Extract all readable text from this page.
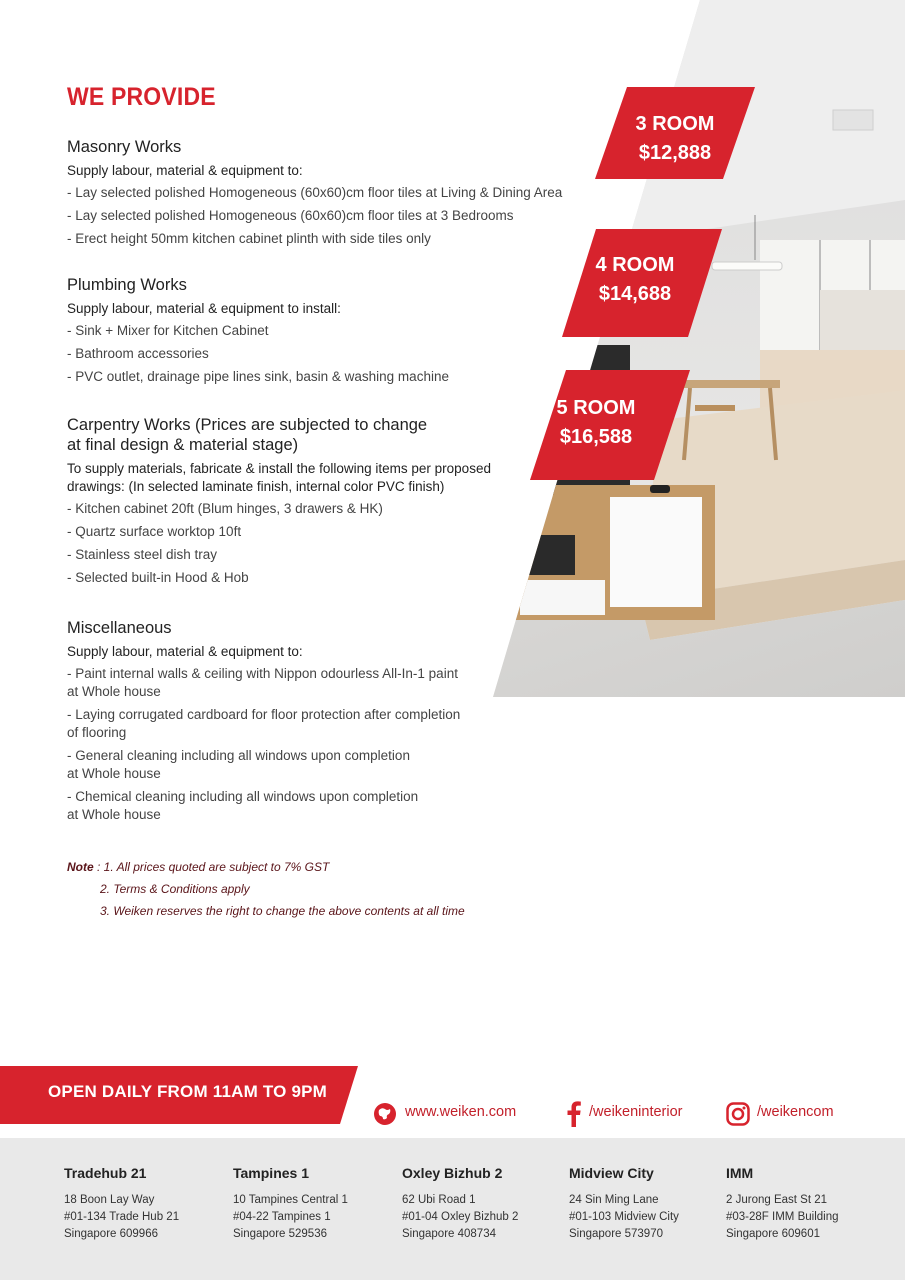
WE PROVIDE
Masonry Works
Supply labour, material & equipment to:
- Lay selected polished Homogeneous (60x60)cm floor tiles at Living & Dining Area
- Lay selected polished Homogeneous (60x60)cm floor tiles at 3 Bedrooms
- Erect height 50mm kitchen cabinet plinth with side tiles only
Plumbing Works
Supply labour, material & equipment to install:
- Sink + Mixer for Kitchen Cabinet
- Bathroom accessories
- PVC outlet, drainage pipe lines sink, basin & washing machine
Carpentry Works (Prices are subjected to change
at final design & material stage)
To supply materials, fabricate & install the following items per proposed
drawings: (In selected laminate finish, internal color PVC finish)
- Kitchen cabinet 20ft (Blum hinges, 3 drawers & HK)
- Quartz surface worktop 10ft
- Stainless steel dish tray
- Selected built-in Hood & Hob
Miscellaneous
Supply labour, material & equipment to:
- Paint internal walls & ceiling with Nippon odourless All-In-1 paint
at Whole house
- Laying corrugated cardboard for floor protection after completion
of flooring
- General cleaning including all windows upon completion
at Whole house
- Chemical cleaning including all windows upon completion
at Whole house
3 ROOM
$12,888
4 ROOM
$14,688
5 ROOM
$16,588
Note : 1. All prices quoted are subject to 7% GST
2. Terms & Conditions apply
3. Weiken reserves the right to change the above contents at all time
OPEN DAILY FROM 11AM TO 9PM
www.weiken.com	/weikeninterior	/weikencom
Tradehub 21
18 Boon Lay Way
#01-134 Trade Hub 21
Singapore 609966
Tampines 1
10 Tampines Central 1
#04-22 Tampines 1
Singapore 529536
Oxley Bizhub 2
62 Ubi Road 1
#01-04 Oxley Bizhub 2
Singapore 408734
Midview City
24 Sin Ming Lane
#01-103 Midview City
Singapore 573970
IMM
2 Jurong East St 21
#03-28F IMM Building
Singapore 609601
